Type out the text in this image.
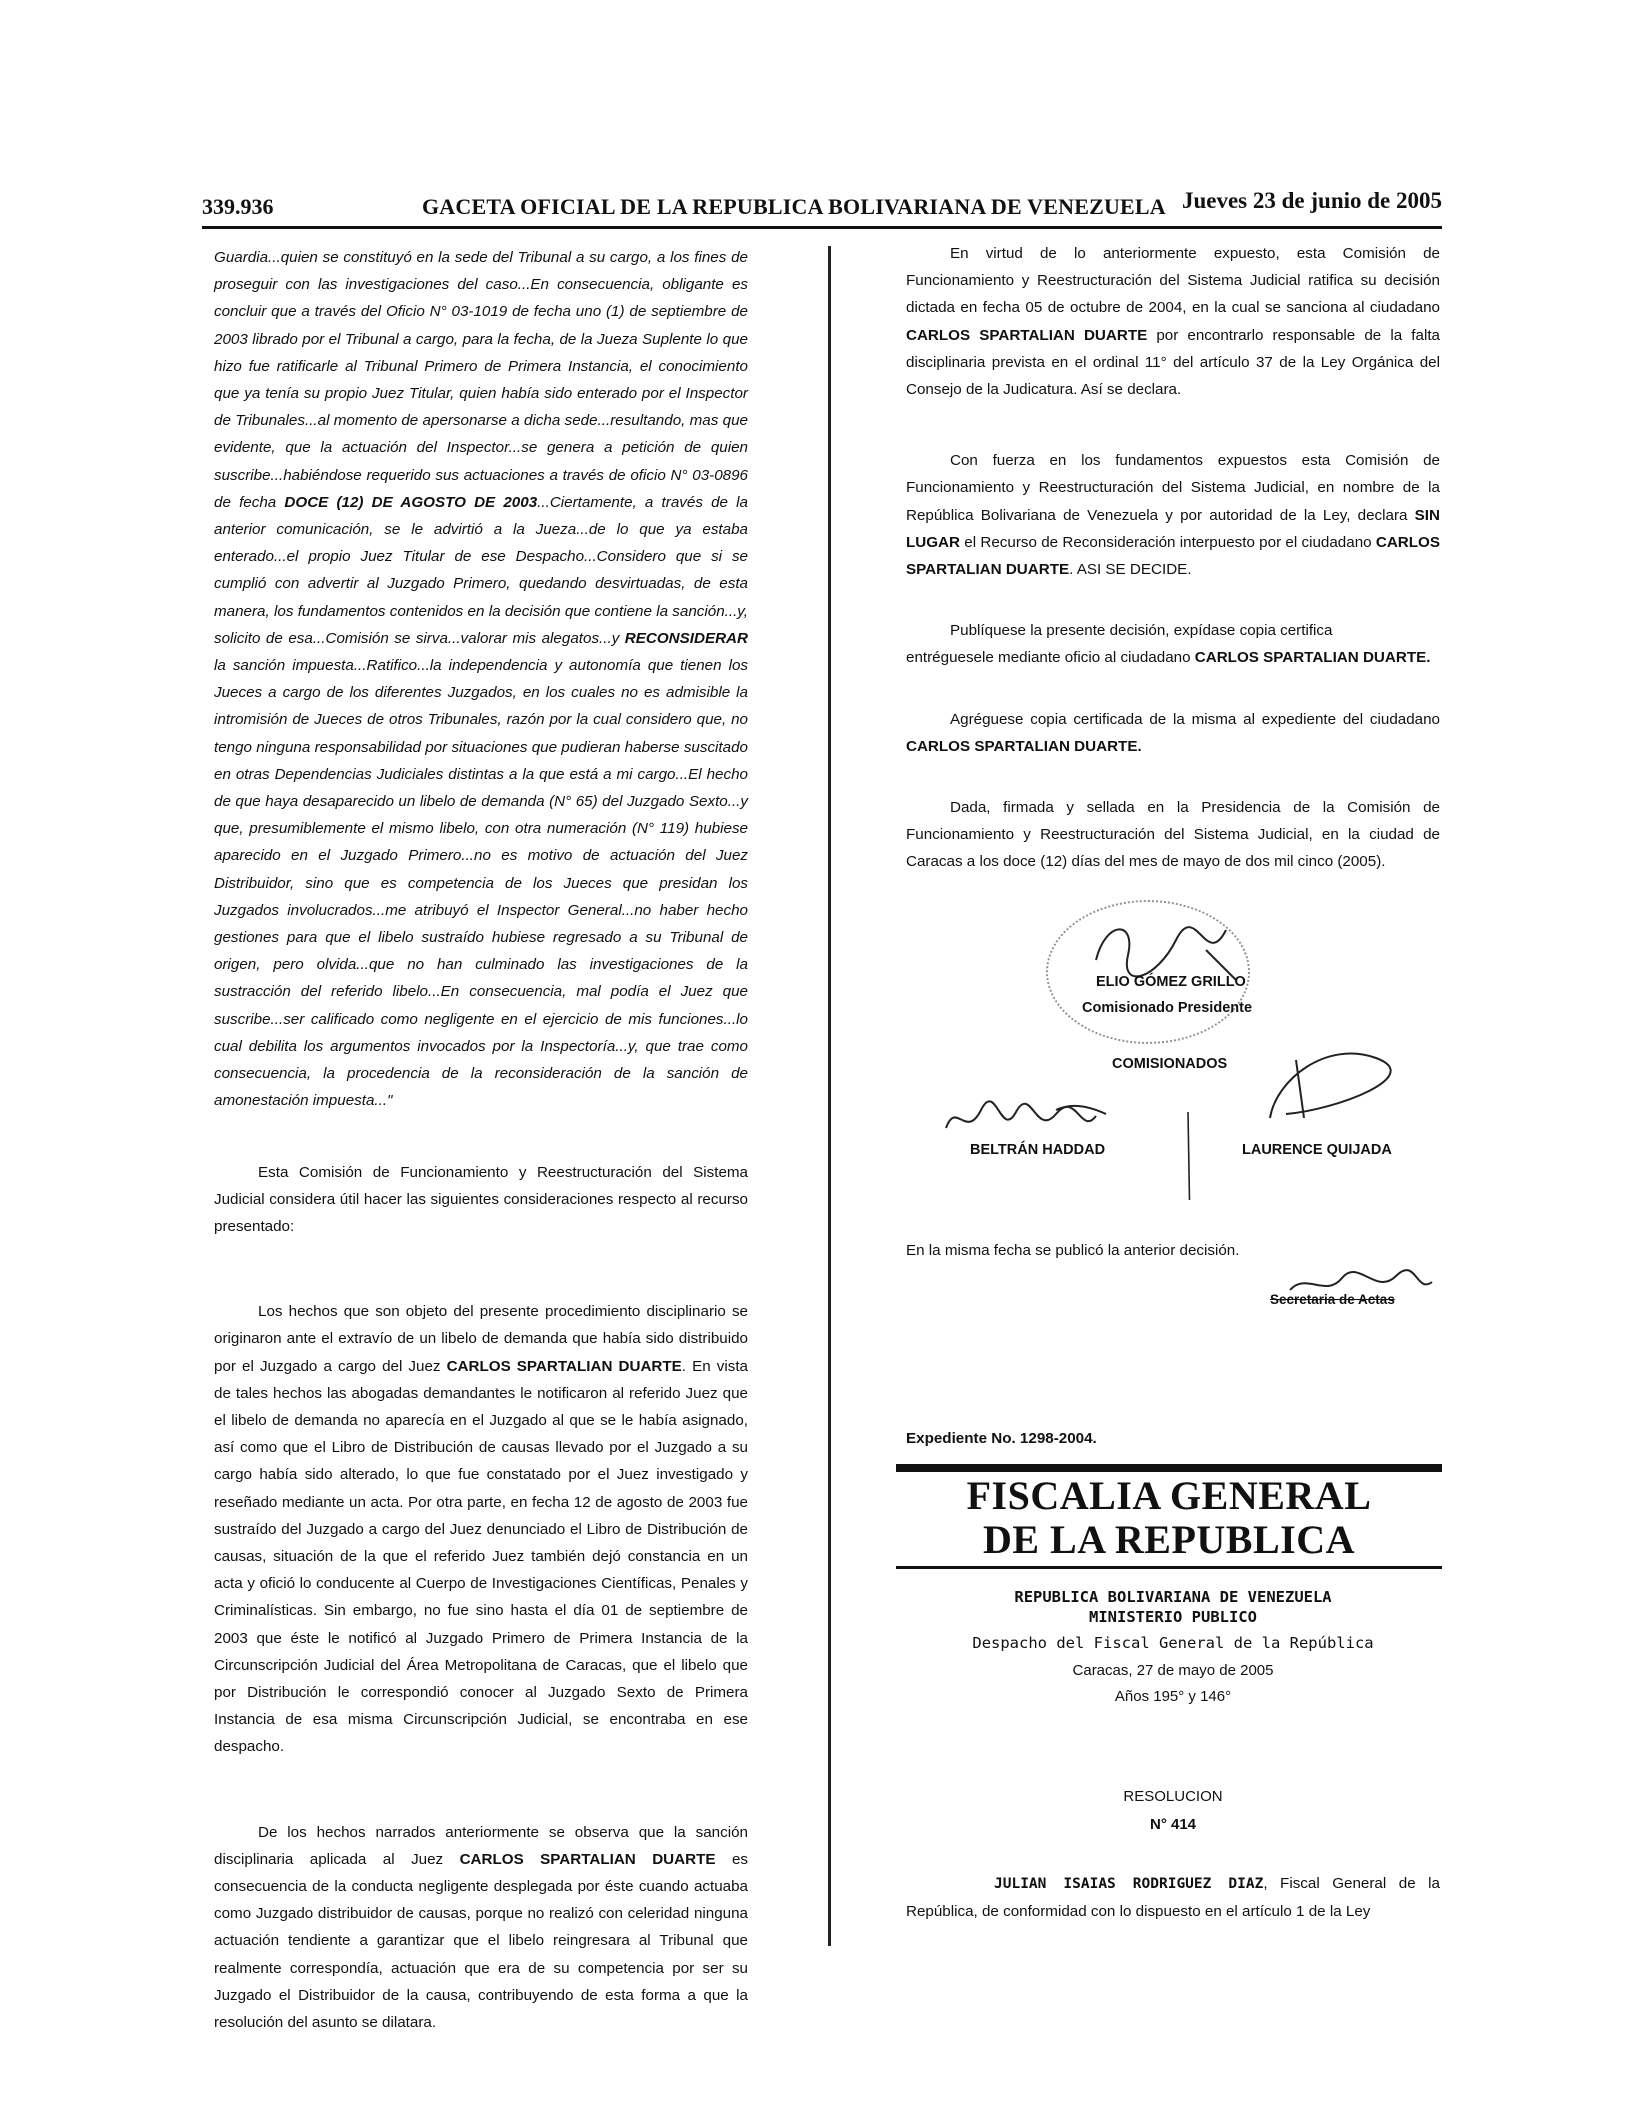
339.936	GACETA OFICIAL DE LA REPUBLICA BOLIVARIANA DE VENEZUELA Jueves 23 de junio de 2005

Guardia...quien se constituyó en la sede del Tribunal a su cargo, a los fines de proseguir con las investigaciones del caso...En consecuencia, obligante es concluir que a través del Oficio N° 03-1019 de fecha uno (1) de septiembre de 2003 librado por el Tribunal a cargo, para la fecha, de la Jueza Suplente lo que hizo fue ratificarle al Tribunal Primero de Primera Instancia, el conocimiento que ya tenía su propio Juez Titular, quien había sido enterado por el Inspector de Tribunales...al momento de apersonarse a dicha sede...resultando, mas que evidente, que la actuación del Inspector...se genera a petición de quien suscribe...habiéndose requerido sus actuaciones a través de oficio N° 03-0896 de fecha DOCE (12) DE AGOSTO DE 2003...Ciertamente, a través de la anterior comunicación, se le advirtió a la Jueza...de lo que ya estaba enterado...el propio Juez Titular de ese Despacho...Considero que si se cumplió con advertir al Juzgado Primero, quedando desvirtuadas, de esta manera, los fundamentos contenidos en la decisión que contiene la sanción...y, solicito de esa...Comisión se sirva...valorar mis alegatos...y RECONSIDERAR la sanción impuesta...Ratifico...la independencia y autonomía que tienen los Jueces a cargo de los diferentes Juzgados, en los cuales no es admisible la intromisión de Jueces de otros Tribunales, razón por la cual considero que, no tengo ninguna responsabilidad por situaciones que pudieran haberse suscitado en otras Dependencias Judiciales distintas a la que está a mi cargo...El hecho de que haya desaparecido un libelo de demanda (N° 65) del Juzgado Sexto...y que, presumiblemente el mismo libelo, con otra numeración (N° 119) hubiese aparecido en el Juzgado Primero...no es motivo de actuación del Juez Distribuidor, sino que es competencia de los Jueces que presidan los Juzgados involucrados...me atribuyó el Inspector General...no haber hecho gestiones para que el libelo sustraído hubiese regresado a su Tribunal de origen, pero olvida...que no han culminado las investigaciones de la sustracción del referido libelo...En consecuencia, mal podía el Juez que suscribe...ser calificado como negligente en el ejercicio de mis funciones...lo cual debilita los argumentos invocados por la Inspectoría...y, que trae como consecuencia, la procedencia de la reconsideración de la sanción de amonestación impuesta..."

Esta Comisión de Funcionamiento y Reestructuración del Sistema Judicial considera útil hacer las siguientes consideraciones respecto al recurso presentado:

Los hechos que son objeto del presente procedimiento disciplinario se originaron ante el extravío de un libelo de demanda que había sido distribuido por el Juzgado a cargo del Juez CARLOS SPARTALIAN DUARTE. En vista de tales hechos las abogadas demandantes le notificaron al referido Juez que el libelo de demanda no aparecía en el Juzgado al que se le había asignado, así como que el Libro de Distribución de causas llevado por el Juzgado a su cargo había sido alterado, lo que fue constatado por el Juez investigado y reseñado mediante un acta. Por otra parte, en fecha 12 de agosto de 2003 fue sustraído del Juzgado a cargo del Juez denunciado el Libro de Distribución de causas, situación de la que el referido Juez también dejó constancia en un acta y ofició lo conducente al Cuerpo de Investigaciones Científicas, Penales y Criminalísticas. Sin embargo, no fue sino hasta el día 01 de septiembre de 2003 que éste le notificó al Juzgado Primero de Primera Instancia de la Circunscripción Judicial del Área Metropolitana de Caracas, que el libelo que por Distribución le correspondió conocer al Juzgado Sexto de Primera Instancia de esa misma Circunscripción Judicial, se encontraba en ese despacho.

De los hechos narrados anteriormente se observa que la sanción disciplinaria aplicada al Juez CARLOS SPARTALIAN DUARTE es consecuencia de la conducta negligente desplegada por éste cuando actuaba como Juzgado distribuidor de causas, porque no realizó con celeridad ninguna actuación tendiente a garantizar que el libelo reingresara al Tribunal que realmente correspondía, actuación que era de su competencia por ser su Juzgado el Distribuidor de la causa, contribuyendo de esta forma a que la resolución del asunto se dilatara.

En virtud de lo anteriormente expuesto, esta Comisión de Funcionamiento y Reestructuración del Sistema Judicial ratifica su decisión dictada en fecha 05 de octubre de 2004, en la cual se sanciona al ciudadano CARLOS SPARTALIAN DUARTE por encontrarlo responsable de la falta disciplinaria prevista en el ordinal 11° del artículo 37 de la Ley Orgánica del Consejo de la Judicatura. Así se declara.

Con fuerza en los fundamentos expuestos esta Comisión de Funcionamiento y Reestructuración del Sistema Judicial, en nombre de la República Bolivariana de Venezuela y por autoridad de la Ley, declara SIN LUGAR el Recurso de Reconsideración interpuesto por el ciudadano CARLOS SPARTALIAN DUARTE. ASI SE DECIDE.

Publíquese la presente decisión, expídase copia certifica
entréguesele mediante oficio al ciudadano CARLOS SPARTALIAN DUARTE.

Agréguese copia certificada de la misma al expediente del ciudadano CARLOS SPARTALIAN DUARTE.

Dada, firmada y sellada en la Presidencia de la Comisión de Funcionamiento y Reestructuración del Sistema Judicial, en la ciudad de Caracas a los doce (12) días del mes de mayo de dos mil cinco (2005).

ELIO GÓMEZ GRILLO
Comisionado Presidente
COMISIONADOS
BELTRÁN HADDAD	LAURENCE QUIJADA
En la misma fecha se publicó la anterior decisión.
Secretaria de Actas
Expediente No. 1298-2004.
FISCALIA GENERAL
DE LA REPUBLICA
REPUBLICA BOLIVARIANA DE VENEZUELA
MINISTERIO PUBLICO
Despacho del Fiscal General de la República
Caracas, 27 de mayo de 2005
Años 195° y 146°
RESOLUCION
N° 414
JULIAN ISAIAS RODRIGUEZ DIAZ, Fiscal General de la República, de conformidad con lo dispuesto en el artículo 1 de la Ley
